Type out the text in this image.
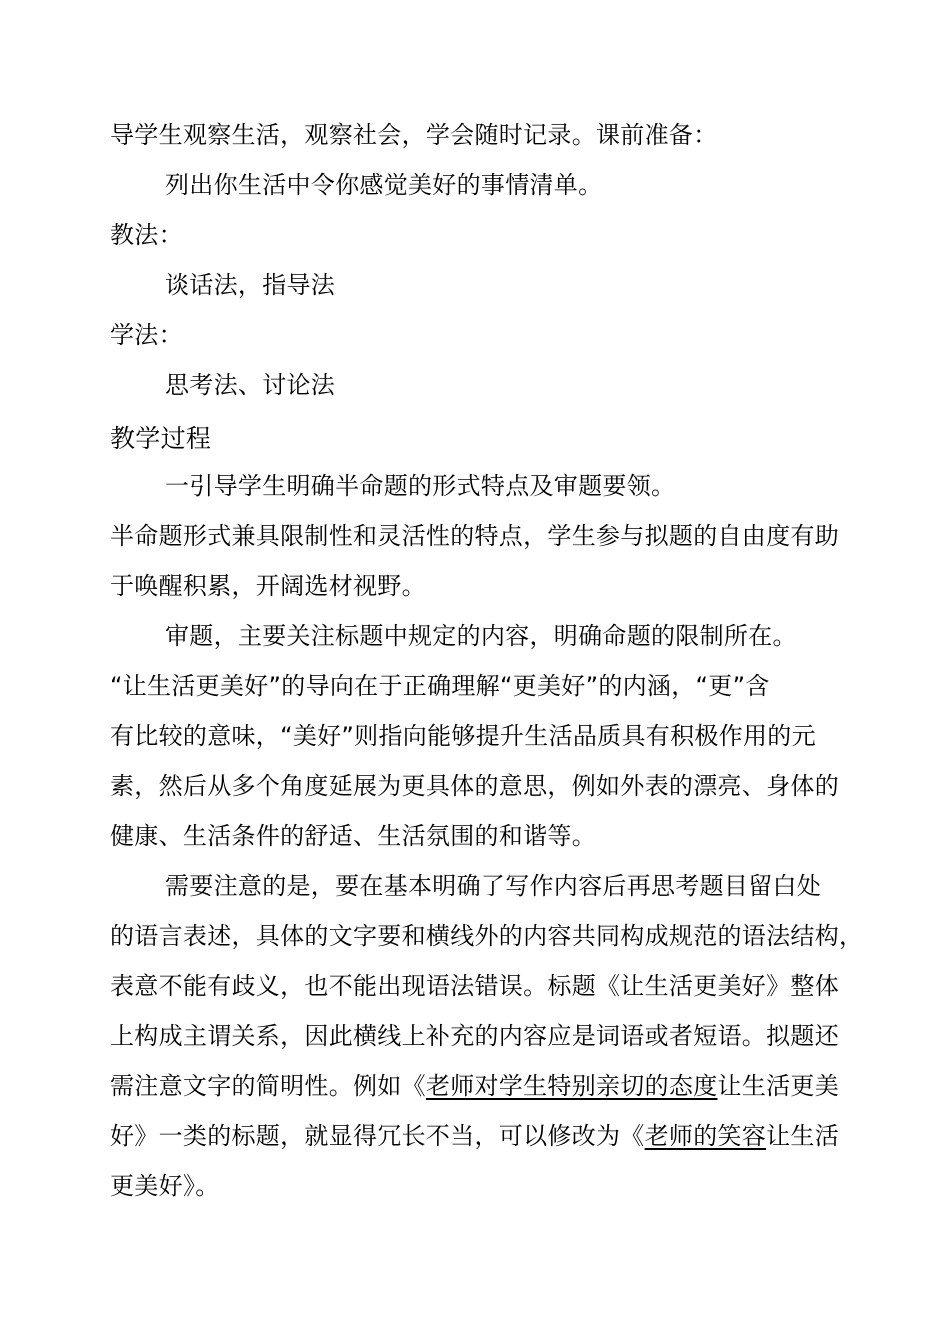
导学生观察生活，观察社会，学会随时记录。课前准备：
列出你生活中令你感觉美好的事情清单。
教法：
谈话法，指导法
学法：
思考法、讨论法
教学过程
一引导学生明确半命题的形式特点及审题要领。
半命题形式兼具限制性和灵活性的特点，学生参与拟题的自由度有助
于唤醒积累，开阔选材视野。
审题，主要关注标题中规定的内容，明确命题的限制所在。
“让生活更美好”的导向在于正确理解“更美好”的内涵，“更”含
有比较的意味，“美好”则指向能够提升生活品质具有积极作用的元
素，然后从多个角度延展为更具体的意思，例如外表的漂亮、身体的
健康、生活条件的舒适、生活氛围的和谐等。
需要注意的是，要在基本明确了写作内容后再思考题目留白处
的语言表述，具体的文字要和横线外的内容共同构成规范的语法结构，
表意不能有歧义，也不能出现语法错误。标题《让生活更美好》整体
上构成主谓关系，因此横线上补充的内容应是词语或者短语。拟题还
需注意文字的简明性。例如《老师对学生特别亲切的态度让生活更美
好》一类的标题，就显得冗长不当，可以修改为《老师的笑容让生活
更美好》。
